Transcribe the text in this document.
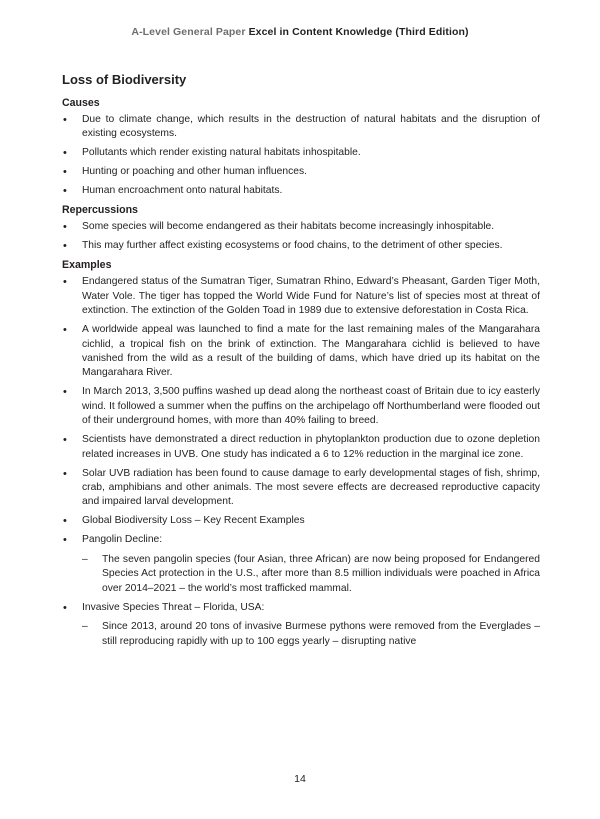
A-Level General Paper Excel in Content Knowledge (Third Edition)
Loss of Biodiversity
Causes
• Due to climate change, which results in the destruction of natural habitats and the disruption of existing ecosystems.
• Pollutants which render existing natural habitats inhospitable.
• Hunting or poaching and other human influences.
• Human encroachment onto natural habitats.
Repercussions
• Some species will become endangered as their habitats become increasingly inhospitable.
• This may further affect existing ecosystems or food chains, to the detriment of other species.
Examples
• Endangered status of the Sumatran Tiger, Sumatran Rhino, Edward’s Pheasant, Garden Tiger Moth, Water Vole. The tiger has topped the World Wide Fund for Nature’s list of species most at threat of extinction. The extinction of the Golden Toad in 1989 due to extensive deforestation in Costa Rica.
• A worldwide appeal was launched to find a mate for the last remaining males of the Mangarahara cichlid, a tropical fish on the brink of extinction. The Mangarahara cichlid is believed to have vanished from the wild as a result of the building of dams, which have dried up its habitat on the Mangarahara River.
• In March 2013, 3,500 puffins washed up dead along the northeast coast of Britain due to icy easterly wind. It followed a summer when the puffins on the archipelago off Northumberland were flooded out of their underground homes, with more than 40% failing to breed.
• Scientists have demonstrated a direct reduction in phytoplankton production due to ozone depletion related increases in UVB. One study has indicated a 6 to 12% reduction in the marginal ice zone.
• Solar UVB radiation has been found to cause damage to early developmental stages of fish, shrimp, crab, amphibians and other animals. The most severe effects are decreased reproductive capacity and impaired larval development.
• Global Biodiversity Loss – Key Recent Examples
• Pangolin Decline:
– The seven pangolin species (four Asian, three African) are now being proposed for Endangered Species Act protection in the U.S., after more than 8.5 million individuals were poached in Africa over 2014–2021 – the world’s most trafficked mammal.
• Invasive Species Threat – Florida, USA:
– Since 2013, around 20 tons of invasive Burmese pythons were removed from the Everglades – still reproducing rapidly with up to 100 eggs yearly – disrupting native
14
